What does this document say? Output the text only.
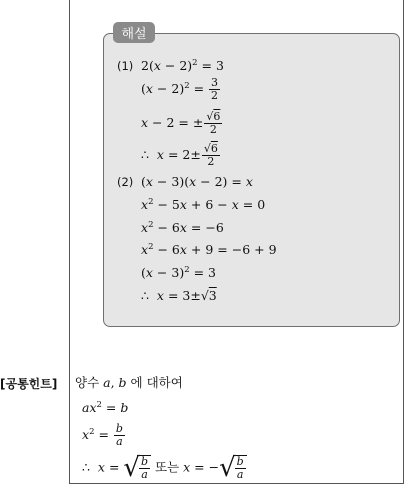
해설
(1) $2(x - 2)^2 = 3$
$(x - 2)^2 = \frac{3}{2}$
x − 2 = ± $\frac{√6}{2}$
∴  $x = 2\pm \frac{√6}{2}$
(2) (x − 3)(x − 2) = x
$x^2 - 5x + 6 - x = 0$
$x^2 - 6x = -6$
$x^2 - 6x + 9 = -6 + 9$
$(x - 3)^2 = 3$
∴  x = 3±√3
[공통힌트] 양수 a, b 에 대하여
$ax^2 = b$
$x^2 = \frac{b}{a}$
∴  x = √ $\frac{b}{a}$ 또는 x = −√ $\frac{b}{a}$
